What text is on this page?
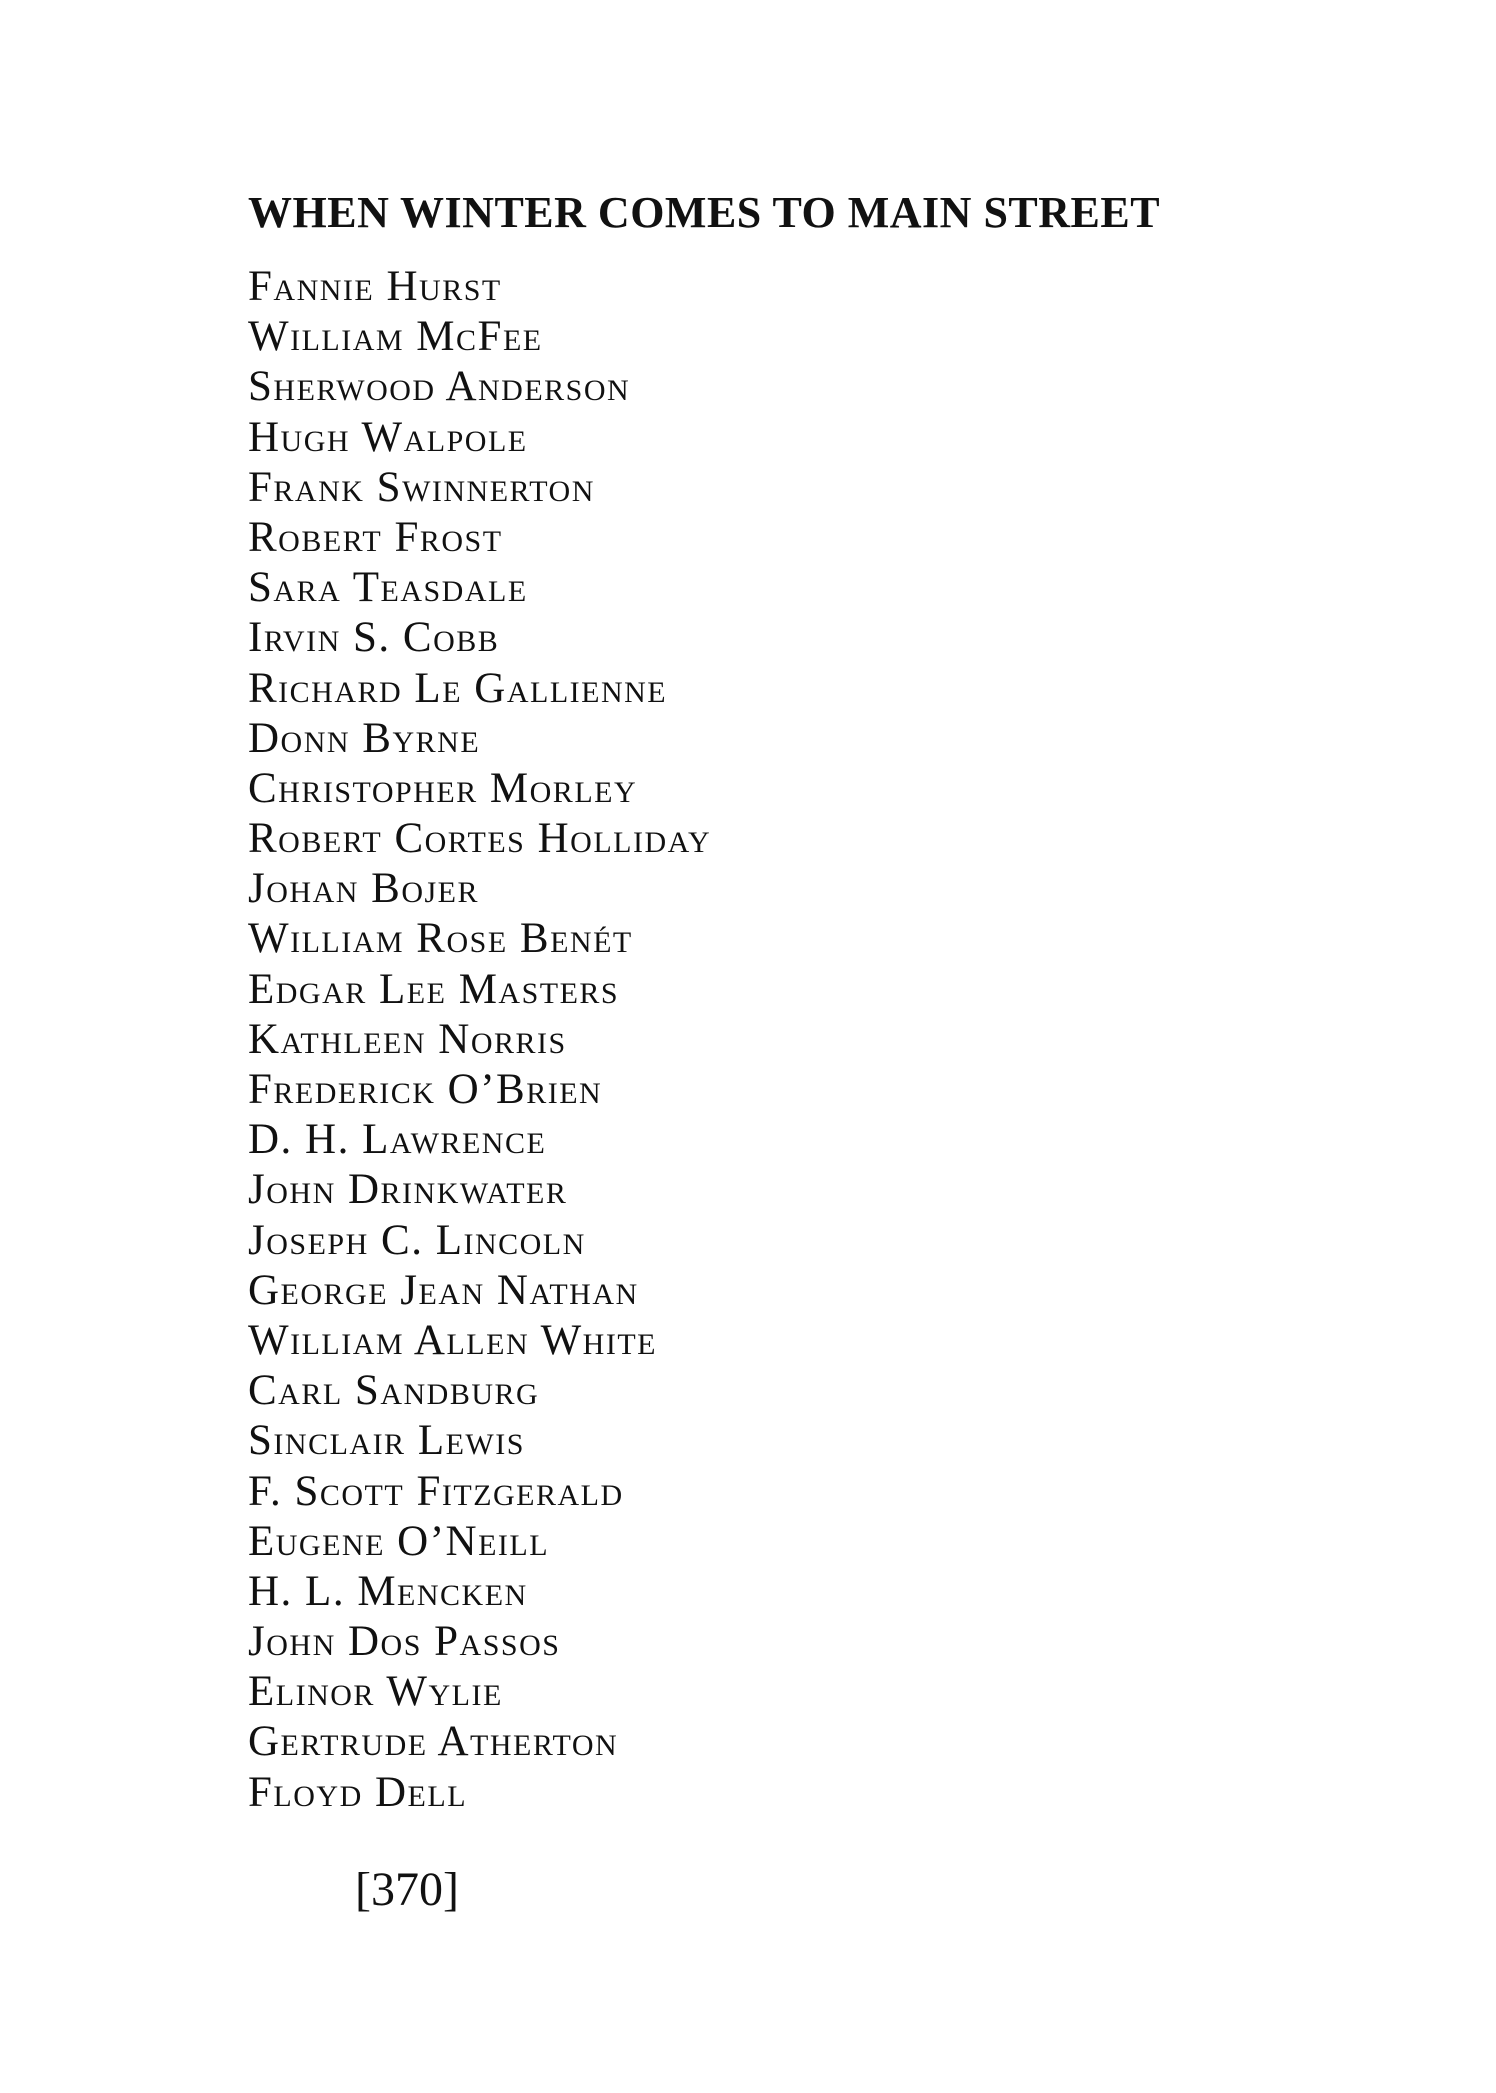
WHEN WINTER COMES TO MAIN STREET
Fannie Hurst
William McFee
Sherwood Anderson
Hugh Walpole
Frank Swinnerton
Robert Frost
Sara Teasdale
Irvin S. Cobb
Richard Le Gallienne
Donn Byrne
Christopher Morley
Robert Cortes Holliday
Johan Bojer
William Rose Benét
Edgar Lee Masters
Kathleen Norris
Frederick O’Brien
D. H. Lawrence
John Drinkwater
Joseph C. Lincoln
George Jean Nathan
William Allen White
Carl Sandburg
Sinclair Lewis
F. Scott Fitzgerald
Eugene O’Neill
H. L. Mencken
John Dos Passos
Elinor Wylie
Gertrude Atherton
Floyd Dell

[370]
